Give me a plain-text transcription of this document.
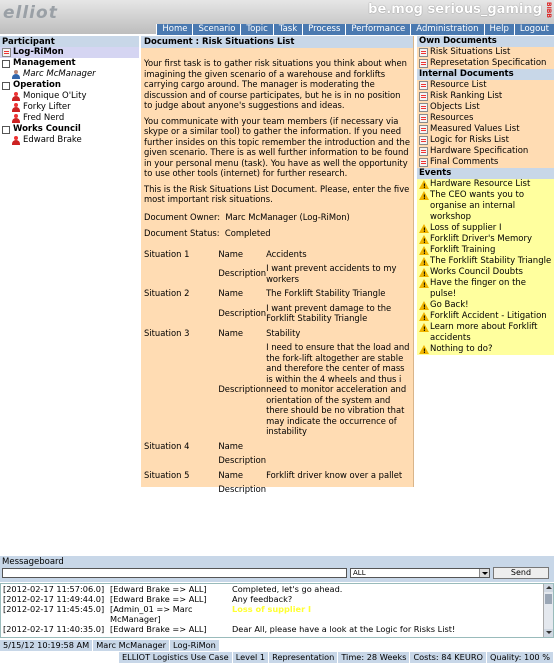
elliot	be.mog serious_gaming BIBB
Home	Scenario	Topic	Task	Process	Performance	Administration	Help	Logout
Participant
Log-RiMon
Management
Marc McManager
Operation
Monique O'Lity
Forky Lifter
Fred Nerd
Works Council
Edward Brake
Document : Risk Situations List

Your first task is to gather risk situations you think about when imagining the given scenario of a warehouse and forklifts carrying cargo around. The manager is moderating the discussion and of course participates, but he is in no position to judge about anyone's suggestions and ideas.

You communicate with your team members (if necessary via skype or a similar tool) to gather the information. If you need further insides on this topic remember the introduction and the given scenario. There is as well further information to be found in your personal menu (task). You have as well the opportunity to use other tools (internet) for further research.

This is the Risk Situations List Document. Please, enter the five most important risk situations.

Document Owner: Marc McManager (Log-RiMon)
Document Status: Completed
Situation 1	Name	Accidents
	Description	I want prevent accidents to my workers
Situation 2	Name	The Forklift Stability Triangle
	Description	I want prevent damage to the Forklift Stability Triangle
Situation 3	Name	Stability
	Description	I need to ensure that the load and the fork-lift altogether are stable and therefore the center of mass is within the 4 wheels and thus i need to monitor acceleration and orientation of the system and there should be no vibration that may indicate the occurrence of instability
Situation 4	Name	
	Description	
Situation 5	Name	Forklift driver know over a pallet
	Description	
Own Documents
Risk Situations List
Represetation Specification
Internal Documents
Resource List
Risk Ranking List
Objects List
Resources
Measured Values List
Logic for Risks List
Hardware Specification
Final Comments
Events
!
Hardware Resource List
!
The CEO wants you to organise an internal workshop
!
Loss of supplier I
!
Forklift Driver's Memory
!
Forklift Training
!
The Forklift Stability Triangle
!
Works Council Doubts
!
Have the finger on the pulse!
!
Go Back!
!
Forklift Accident - Litigation
!
Learn more about Forklift accidents
!
Nothing to do?
Messageboard
ALL	Send
[2012-02-17 11:57:06.0] [Edward Brake => ALL]	Completed, let's go ahead.
[2012-02-17 11:49:44.0] [Edward Brake => ALL]	Any feedback?
[2012-02-17 11:45:45.0] [Admin_01 => Marc McManager]
Loss of supplier I
[2012-02-17 11:40:35.0] [Edward Brake => ALL]	Dear All, please have a look at the Logic for Risks List!
5/15/12 10:19:58 AM Marc McManager Log-RiMon
ELLIOT Logistics Use Case Level 1 Representation Time: 28 Weeks Costs: 84 KEURO Quality: 100 %
